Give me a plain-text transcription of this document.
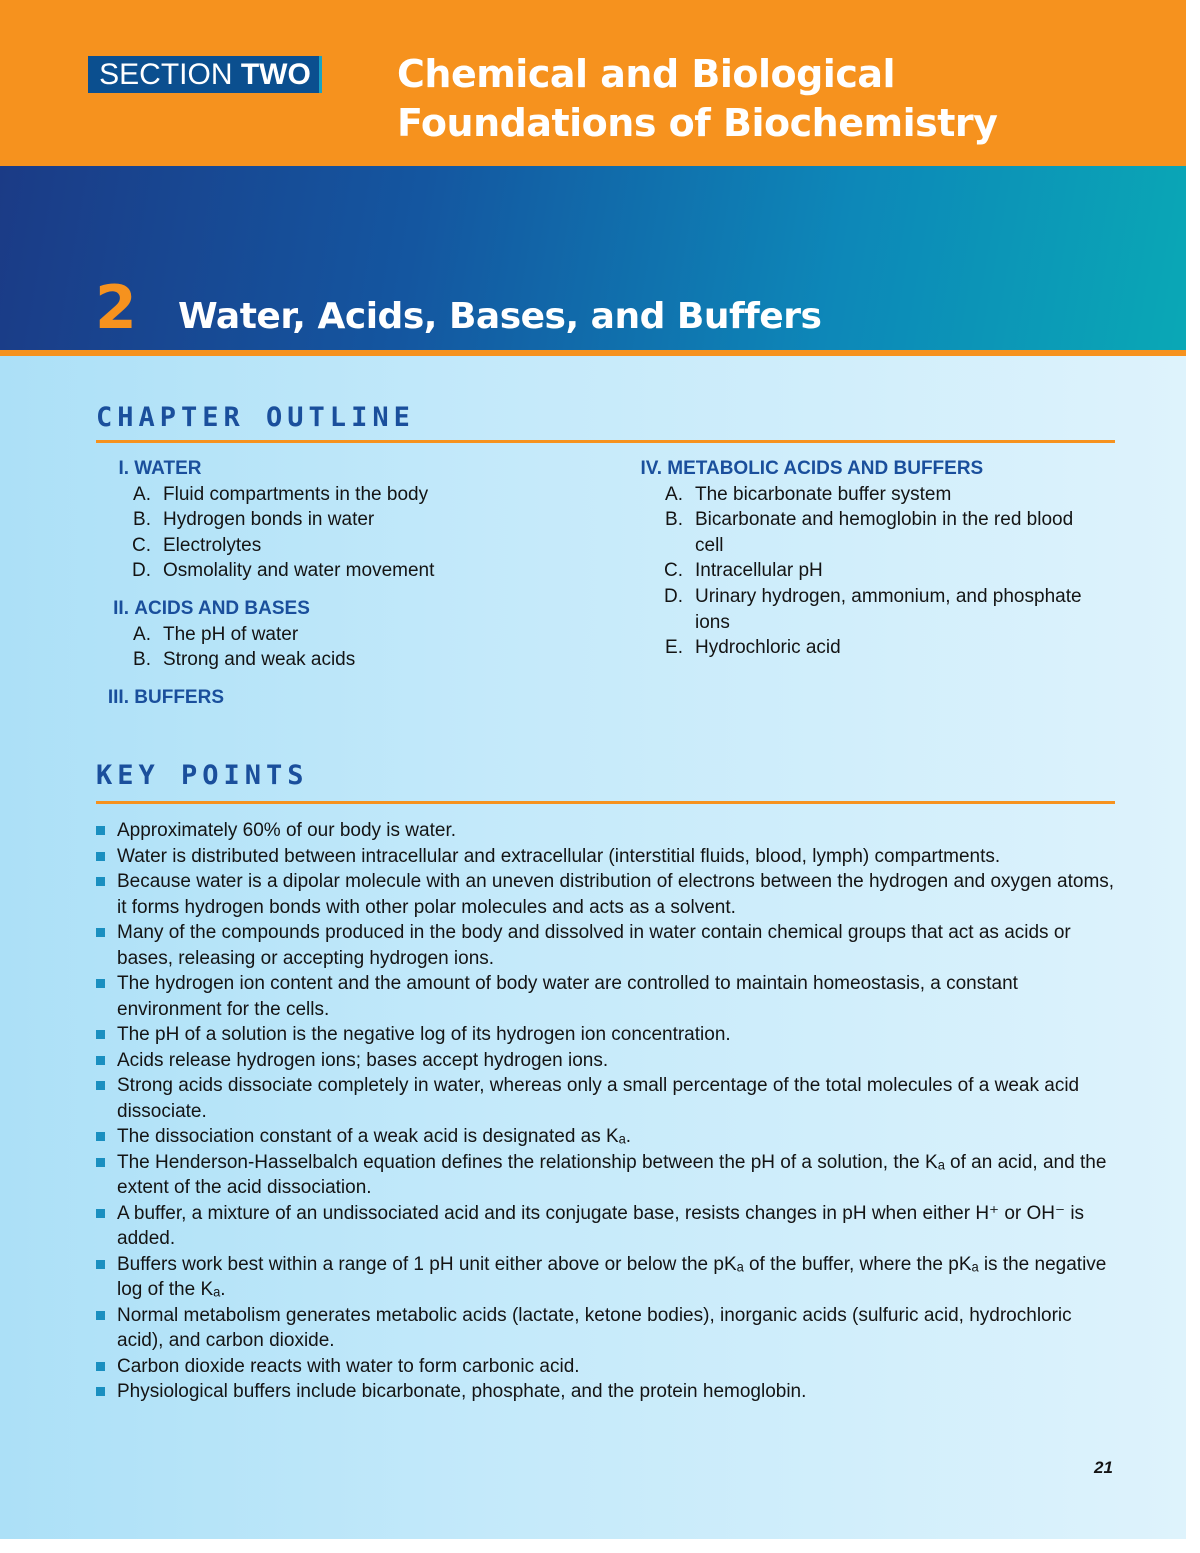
SECTION TWO Chemical and Biological Foundations of Biochemistry
2 Water, Acids, Bases, and Buffers
CHAPTER OUTLINE
I.
WATER
A. Fluid compartments in the body
B. Hydrogen bonds in water
C. Electrolytes
D. Osmolality and water movement
II.
ACIDS AND BASES
A. The pH of water
B. Strong and weak acids
III.
BUFFERS
IV.
METABOLIC ACIDS AND BUFFERS
A. The bicarbonate buffer system
B. Bicarbonate and hemoglobin in the red blood cell
C. Intracellular pH
D. Urinary hydrogen, ammonium, and phosphate ions
E. Hydrochloric acid
KEY POINTS
Approximately 60% of our body is water.
Water is distributed between intracellular and extracellular (interstitial fluids, blood, lymph) compartments.
Because water is a dipolar molecule with an uneven distribution of electrons between the hydrogen and oxygen atoms, it forms hydrogen bonds with other polar molecules and acts as a solvent.
Many of the compounds produced in the body and dissolved in water contain chemical groups that act as acids or bases, releasing or accepting hydrogen ions.
The hydrogen ion content and the amount of body water are controlled to maintain homeostasis, a constant environment for the cells.
The pH of a solution is the negative log of its hydrogen ion concentration.
Acids release hydrogen ions; bases accept hydrogen ions.
Strong acids dissociate completely in water, whereas only a small percentage of the total molecules of a weak acid dissociate.
The dissociation constant of a weak acid is designated as Kₐ.
The Henderson-Hasselbalch equation defines the relationship between the pH of a solution, the Kₐ of an acid, and the extent of the acid dissociation.
A buffer, a mixture of an undissociated acid and its conjugate base, resists changes in pH when either H⁺ or OH⁻ is added.
Buffers work best within a range of 1 pH unit either above or below the pKₐ of the buffer, where the pKₐ is the negative log of the Kₐ.
Normal metabolism generates metabolic acids (lactate, ketone bodies), inorganic acids (sulfuric acid, hydrochloric acid), and carbon dioxide.
Carbon dioxide reacts with water to form carbonic acid.
Physiological buffers include bicarbonate, phosphate, and the protein hemoglobin.
21
